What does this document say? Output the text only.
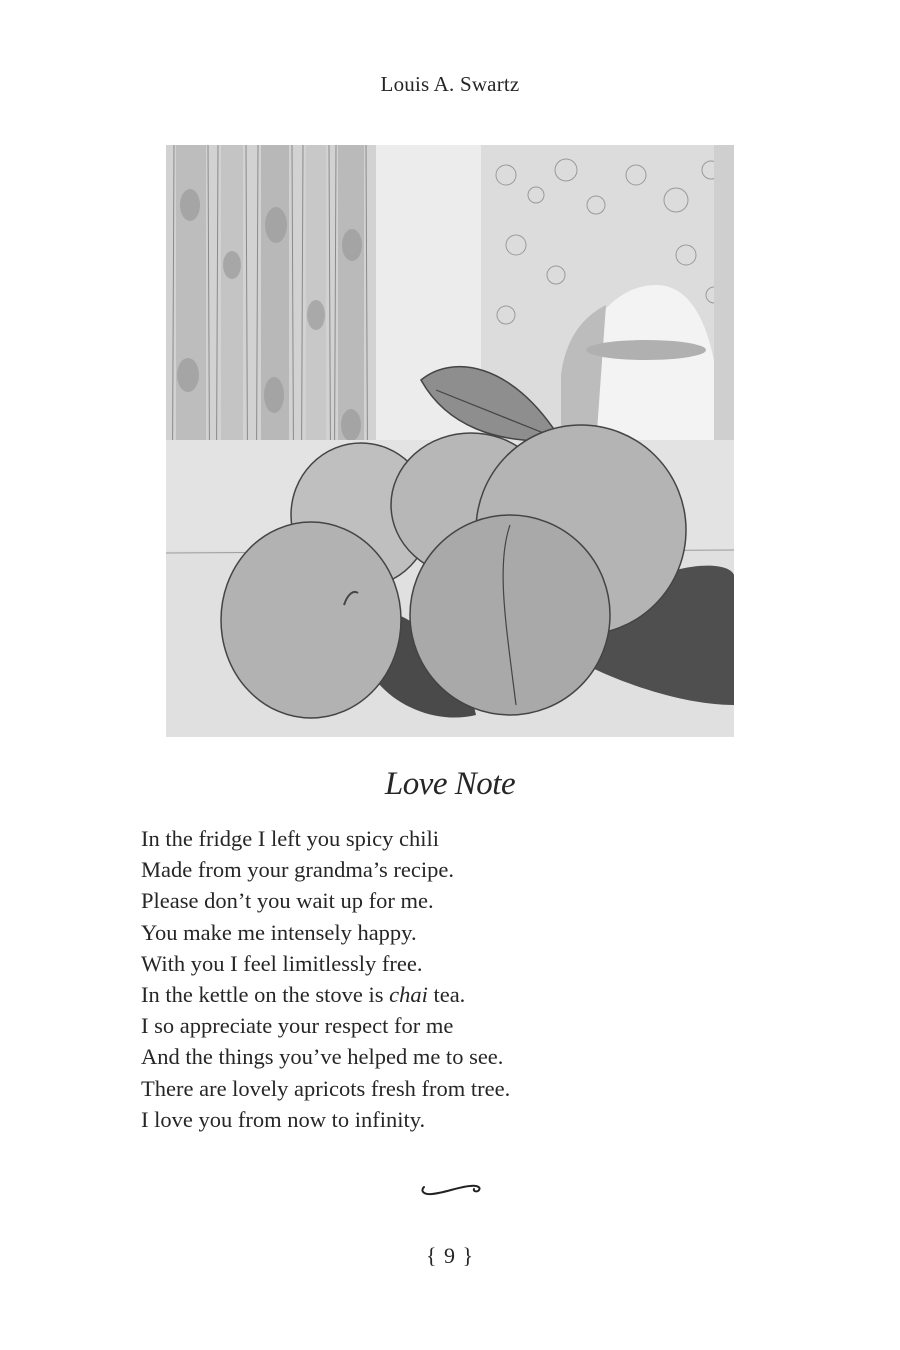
Louis A. Swartz
Love Note
In the fridge I left you spicy chili
Made from your grandma’s recipe.
Please don’t you wait up for me.
You make me intensely happy.
With you I feel limitlessly free.
In the kettle on the stove is chai tea.
I so appreciate your respect for me
And the things you’ve helped me to see.
There are lovely apricots fresh from tree.
I love you from now to infinity.
{ 9 }
